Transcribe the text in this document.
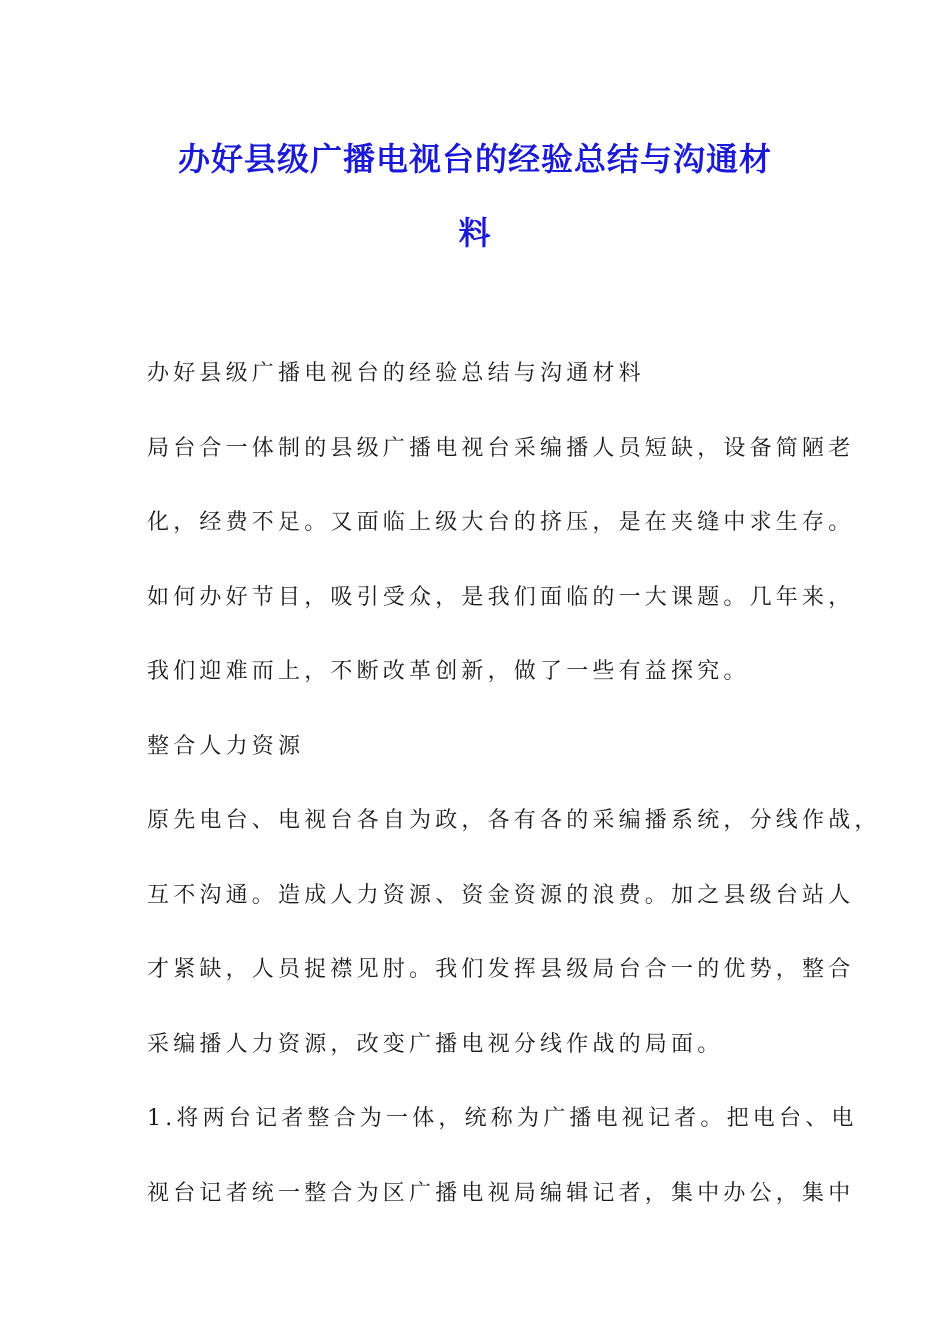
办好县级广播电视台的经验总结与沟通材
料

办好县级广播电视台的经验总结与沟通材料

局台合一体制的县级广播电视台采编播人员短缺，设备简陋老

化，经费不足。又面临上级大台的挤压，是在夹缝中求生存。

如何办好节目，吸引受众，是我们面临的一大课题。几年来，

我们迎难而上，不断改革创新，做了一些有益探究。

整合人力资源

原先电台、电视台各自为政，各有各的采编播系统，分线作战，

互不沟通。造成人力资源、资金资源的浪费。加之县级台站人

才紧缺，人员捉襟见肘。我们发挥县级局台合一的优势，整合

采编播人力资源，改变广播电视分线作战的局面。

1.将两台记者整合为一体，统称为广播电视记者。把电台、电

视台记者统一整合为区广播电视局编辑记者，集中办公，集中
